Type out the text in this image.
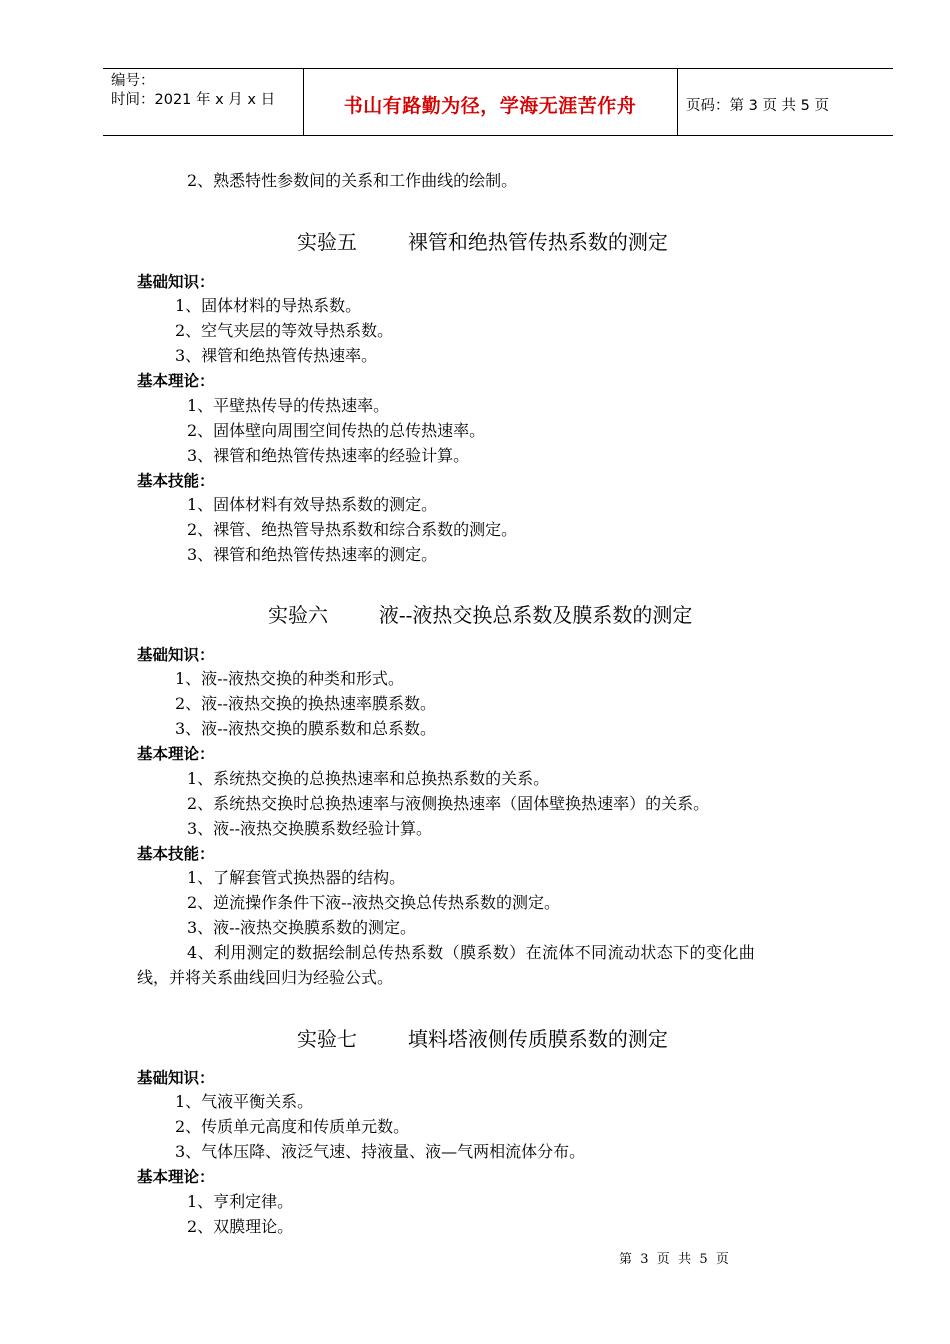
编号：
时间：2021 年 x 月 x 日	书山有路勤为径，学海无涯苦作舟	页码：第 3 页 共 5 页
2、熟悉特性参数间的关系和工作曲线的绘制。
实验五        裸管和绝热管传热系数的测定
基础知识：
1、固体材料的导热系数。
2、空气夹层的等效导热系数。
3、裸管和绝热管传热速率。
基本理论：
1、平壁热传导的传热速率。
2、固体壁向周围空间传热的总传热速率。
3、裸管和绝热管传热速率的经验计算。
基本技能：
1、固体材料有效导热系数的测定。
2、裸管、绝热管导热系数和综合系数的测定。
3、裸管和绝热管传热速率的测定。
实验六        液--液热交换总系数及膜系数的测定
基础知识：
1、液--液热交换的种类和形式。
2、液--液热交换的换热速率膜系数。
3、液--液热交换的膜系数和总系数。
基本理论：
1、系统热交换的总换热速率和总换热系数的关系。
2、系统热交换时总换热速率与液侧换热速率（固体壁换热速率）的关系。
3、液--液热交换膜系数经验计算。
基本技能：
1、了解套管式换热器的结构。
2、逆流操作条件下液--液热交换总传热系数的测定。
3、液--液热交换膜系数的测定。
4、利用测定的数据绘制总传热系数（膜系数）在流体不同流动状态下的变化曲
线，并将关系曲线回归为经验公式。
实验七        填料塔液侧传质膜系数的测定
基础知识：
1、气液平衡关系。
2、传质单元高度和传质单元数。
3、气体压降、液泛气速、持液量、液—气两相流体分布。
基本理论：
1、亨利定律。
2、双膜理论。
第  3  页  共  5  页
